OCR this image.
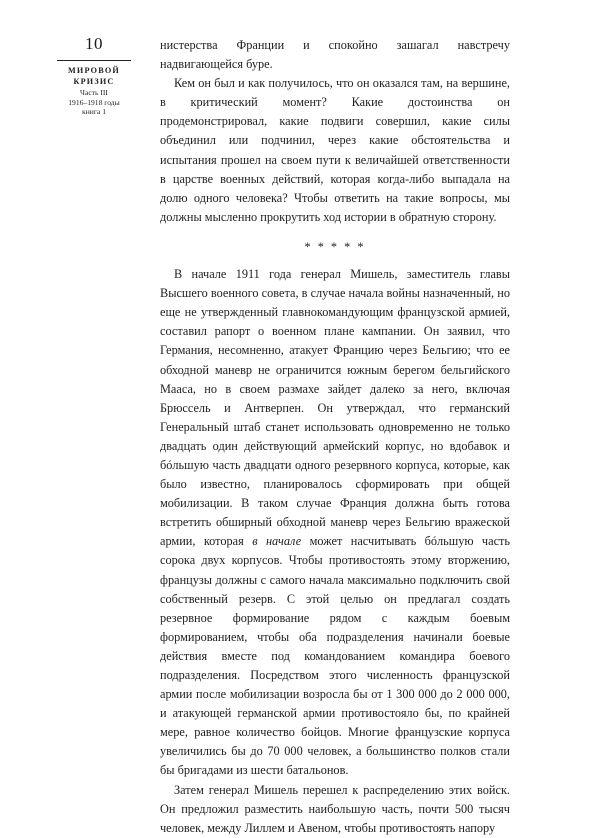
10
МИРОВОЙ
КРИЗИС
Часть III
1916–1918 годы
книга 1

нистерства Франции и спокойно зашагал навстречу надвигающейся буре.

Кем он был и как получилось, что он оказался там, на вершине, в критический момент? Какие достоинства он продемонстрировал, какие подвиги совершил, какие силы объединил или подчинил, через какие обстоятельства и испытания прошел на своем пути к величайшей ответственности в царстве военных действий, которая когда-либо выпадала на долю одного человека? Чтобы ответить на такие вопросы, мы должны мысленно прокрутить ход истории в обратную сторону.

* * * * *

В начале 1911 года генерал Мишель, заместитель главы Высшего военного совета, в случае начала войны назначенный, но еще не утвержденный главнокомандующим французской армией, составил рапорт о военном плане кампании. Он заявил, что Германия, несомненно, атакует Францию через Бельгию; что ее обходной маневр не ограничится южным берегом бельгийского Мааса, но в своем размахе зайдет далеко за него, включая Брюссель и Антверпен. Он утверждал, что германский Генеральный штаб станет использовать одновременно не только двадцать один действующий армейский корпус, но вдобавок и бóльшую часть двадцати одного резервного корпуса, которые, как было известно, планировалось сформировать при общей мобилизации. В таком случае Франция должна быть готова встретить обширный обходной маневр через Бельгию вражеской армии, которая в начале может насчитывать бóльшую часть сорока двух корпусов. Чтобы противостоять этому вторжению, французы должны с самого начала максимально подключить свой собственный резерв. С этой целью он предлагал создать резервное формирование рядом с каждым боевым формированием, чтобы оба подразделения начинали боевые действия вместе под командованием командира боевого подразделения. Посредством этого численность французской армии после мобилизации возросла бы от 1 300 000 до 2 000 000, и атакующей германской армии противостояло бы, по крайней мере, равное количество бойцов. Многие французские корпуса увеличились бы до 70 000 человек, а большинство полков стали бы бригадами из шести батальонов.

Затем генерал Мишель перешел к распределению этих войск. Он предложил разместить наибольшую часть, почти 500 тысяч человек, между Лиллем и Авеном, чтобы противостоять напору
